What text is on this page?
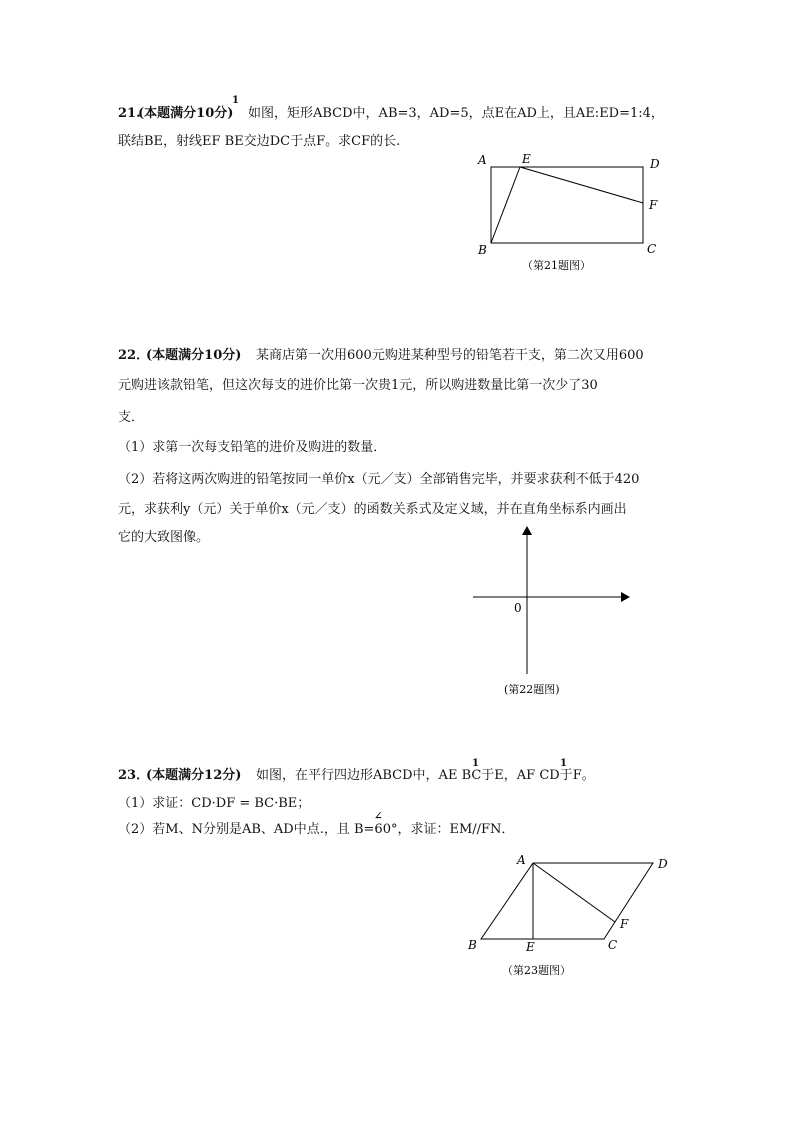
21.
(本题满分10分)
1
如图，矩形ABCD中，AB=3，AD=5，点E在AD上，且AE:ED=1:4，
联结BE，射线EF BE交边DC于点F。求CF的长.
A	E	D
F
B	C
（第21题图）
22．
(本题满分10分) 某商店第一次用600元购进某种型号的铅笔若干支，第二次又用600
元购进该款铅笔，但这次每支的进价比第一次贵1元，所以购进数量比第一次少了30
支．
（1）求第一次每支铅笔的进价及购进的数量．
（2）若将这两次购进的铅笔按同一单价x（元／支）全部销售完毕，并要求获利不低于420
元，求获利y（元）关于单价x（元／支）的函数关系式及定义域，并在直角坐标系内画出
它的大致图像。
0
(第22题图)
23．
(本题满分12分) 如图，在平行四边形ABCD中，AE BC于E，AF CD于F。
1	1
（1）求证：CD·DF = BC·BE；
（2）若M、N分别是AB、AD中点.，且 B=60°，求证：EM//FN．
∠
A	D
F
B	E	C
（第23题图）
